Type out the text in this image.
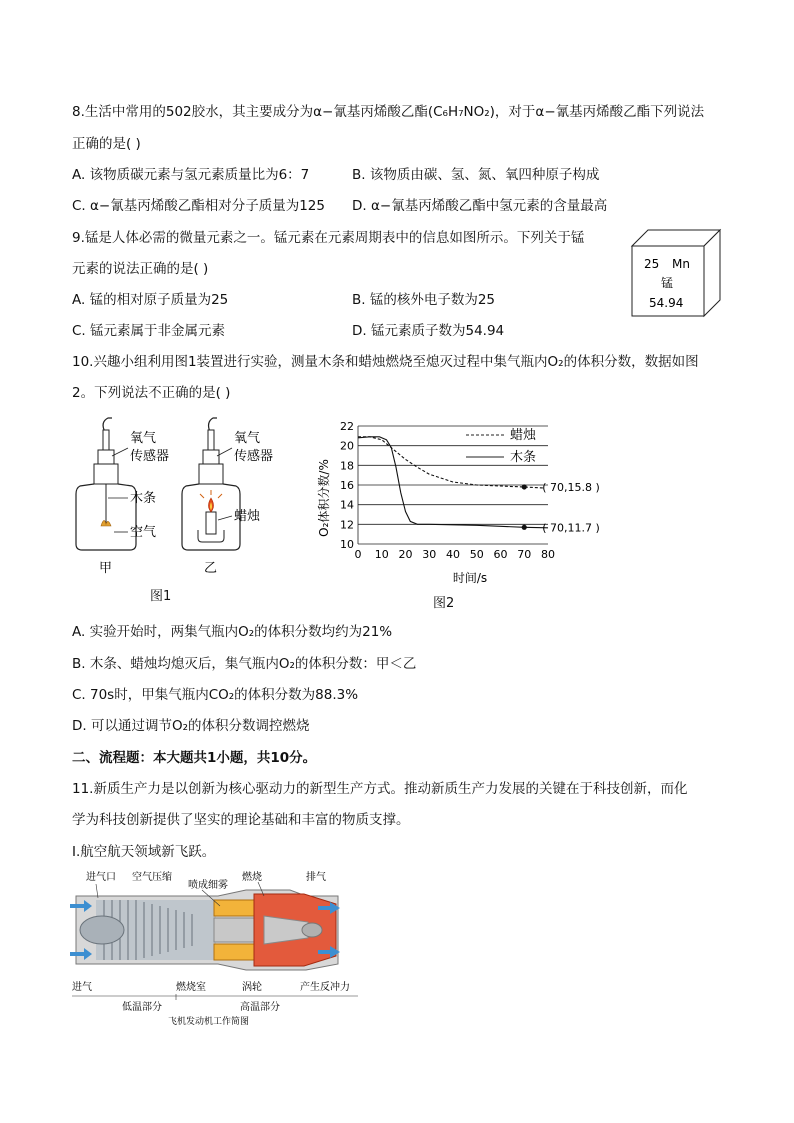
8.生活中常用的502胶水，其主要成分为α−氰基丙烯酸乙酯(C₆H₇NO₂)，对于α−氰基丙烯酸乙酯下列说法
正确的是( )
A. 该物质碳元素与氢元素质量比为6：7	B. 该物质由碳、氢、氮、氧四种原子构成
C. α−氰基丙烯酸乙酯相对分子质量为125 D. α−氰基丙烯酸乙酯中氢元素的含量最高
9.锰是人体必需的微量元素之一。锰元素在元素周期表中的信息如图所示。下列关于锰
元素的说法正确的是( )
A. 锰的相对原子质量为25	B. 锰的核外电子数为25
C. 锰元素属于非金属元素	D. 锰元素质子数为54.94
25 Mn
锰
54.94
10.兴趣小组利用图1装置进行实验，测量木条和蜡烛燃烧至熄灭过程中集气瓶内O₂的体积分数，数据如图
2。下列说法不正确的是( )
氧气
传感器
木条
空气
甲
氧气
传感器
蜡烛
乙
图1
( 70,15.8 )
( 70,11.7 )
10
12
14
16
18
20
22
0 10 20 30 40 50 60 70 80
O₂体积分数/%
时间/s
蜡烛
木条
图2
A. 实验开始时，两集气瓶内O₂的体积分数均约为21%
B. 木条、蜡烛均熄灭后，集气瓶内O₂的体积分数：甲＜乙
C. 70s时，甲集气瓶内CO₂的体积分数为88.3%
D. 可以通过调节O₂的体积分数调控燃烧
二、流程题：本大题共1小题，共10分。
11.新质生产力是以创新为核心驱动力的新型生产方式。推动新质生产力发展的关键在于科技创新，而化
学为科技创新提供了坚实的理论基础和丰富的物质支撑。
Ⅰ.航空航天领域新飞跃。
进气口 空气压缩
喷成细雾
燃烧	排气
进气	燃烧室	涡轮	产生反冲力
低温部分	高温部分
飞机发动机工作简图
